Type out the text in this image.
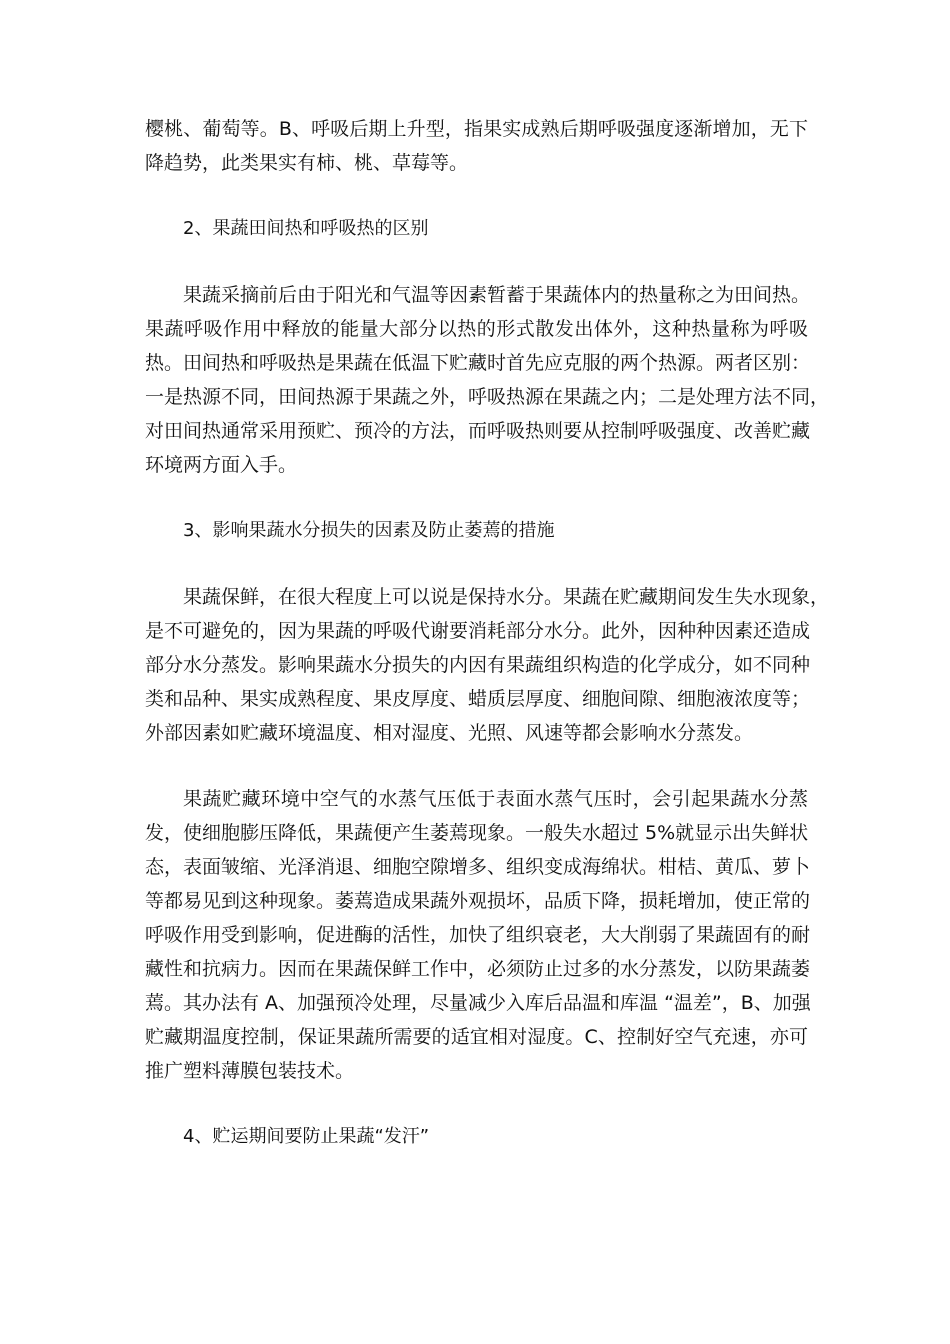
樱桃、葡萄等。B、呼吸后期上升型，指果实成熟后期呼吸强度逐渐增加，无下
降趋势，此类果实有柿、桃、草莓等。
2、果蔬田间热和呼吸热的区别
果蔬采摘前后由于阳光和气温等因素暂蓄于果蔬体内的热量称之为田间热。
果蔬呼吸作用中释放的能量大部分以热的形式散发出体外，这种热量称为呼吸
热。田间热和呼吸热是果蔬在低温下贮藏时首先应克服的两个热源。两者区别：
一是热源不同，田间热源于果蔬之外，呼吸热源在果蔬之内；二是处理方法不同，
对田间热通常采用预贮、预冷的方法，而呼吸热则要从控制呼吸强度、改善贮藏
环境两方面入手。
3、影响果蔬水分损失的因素及防止萎蔫的措施
果蔬保鲜，在很大程度上可以说是保持水分。果蔬在贮藏期间发生失水现象，
是不可避免的，因为果蔬的呼吸代谢要消耗部分水分。此外，因种种因素还造成
部分水分蒸发。影响果蔬水分损失的内因有果蔬组织构造的化学成分，如不同种
类和品种、果实成熟程度、果皮厚度、蜡质层厚度、细胞间隙、细胞液浓度等；
外部因素如贮藏环境温度、相对湿度、光照、风速等都会影响水分蒸发。
果蔬贮藏环境中空气的水蒸气压低于表面水蒸气压时，会引起果蔬水分蒸
发，使细胞膨压降低，果蔬便产生萎蔫现象。一般失水超过 5%就显示出失鲜状
态，表面皱缩、光泽消退、细胞空隙增多、组织变成海绵状。柑桔、黄瓜、萝卜
等都易见到这种现象。萎蔫造成果蔬外观损坏，品质下降，损耗增加，使正常的
呼吸作用受到影响，促进酶的活性，加快了组织衰老，大大削弱了果蔬固有的耐
藏性和抗病力。因而在果蔬保鲜工作中，必须防止过多的水分蒸发，以防果蔬萎
蔫。其办法有 A、加强预冷处理，尽量减少入库后品温和库温 “温差”，B、加强
贮藏期温度控制，保证果蔬所需要的适宜相对湿度。C、控制好空气充速，亦可
推广塑料薄膜包装技术。
4、贮运期间要防止果蔬“发汗”
